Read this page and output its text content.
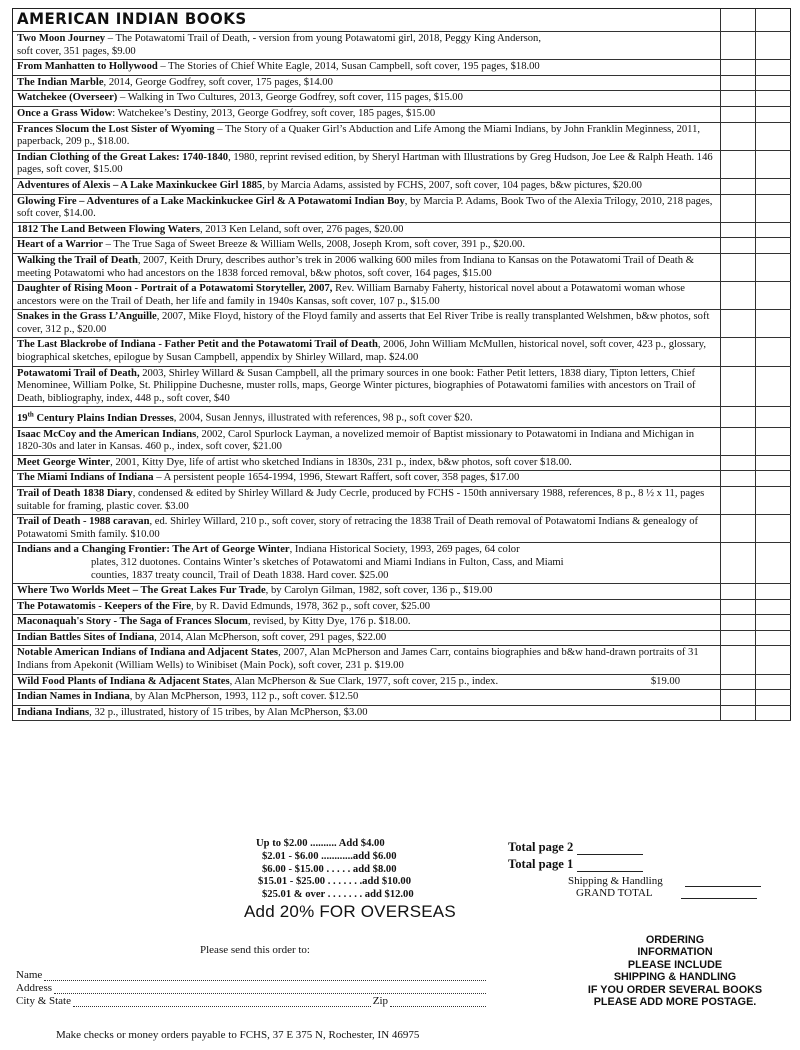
AMERICAN INDIAN BOOKS
Two Moon Journey – The Potawatomi Trail of Death, - version from young Potawatomi girl, 2018, Peggy King Anderson,
soft cover, 351 pages, $9.00
From Manhatten to Hollywood – The Stories of Chief White Eagle, 2014, Susan Campbell, soft cover, 195 pages, $18.00
The Indian Marble, 2014, George Godfrey, soft cover, 175 pages, $14.00
Watchekee (Overseer) – Walking in Two Cultures, 2013, George Godfrey, soft cover, 115 pages, $15.00
Once a Grass Widow: Watchekee’s Destiny, 2013, George Godfrey, soft cover, 185 pages, $15.00
Frances Slocum the Lost Sister of Wyoming – The Story of a Quaker Girl’s Abduction and Life Among the Miami Indians, by John Franklin Meginness, 2011, paperback, 209 p., $18.00.
Indian Clothing of the Great Lakes: 1740-1840, 1980, reprint revised edition, by Sheryl Hartman with Illustrations by Greg Hudson, Joe Lee & Ralph Heath. 146 pages, soft cover, $15.00
Adventures of Alexis – A Lake Maxinkuckee Girl 1885, by Marcia Adams, assisted by FCHS, 2007, soft cover, 104 pages, b&w pictures, $20.00
Glowing Fire – Adventures of a Lake Mackinkuckee Girl & A Potawatomi Indian Boy, by Marcia P. Adams, Book Two of the Alexia Trilogy, 2010, 218 pages, soft cover, $14.00.
1812 The Land Between Flowing Waters, 2013 Ken Leland, soft over, 276 pages, $20.00
Heart of a Warrior – The True Saga of Sweet Breeze & William Wells, 2008, Joseph Krom, soft cover, 391 p., $20.00.
Walking the Trail of Death, 2007, Keith Drury, describes author’s trek in 2006 walking 600 miles from Indiana to Kansas on the Potawatomi Trail of Death & meeting Potawatomi who had ancestors on the 1838 forced removal, b&w photos, soft cover, 164 pages, $15.00
Daughter of Rising Moon - Portrait of a Potawatomi Storyteller, 2007, Rev. William Barnaby Faherty, historical novel about a Potawatomi woman whose ancestors were on the Trail of Death, her life and family in 1940s Kansas, soft cover, 107 p., $15.00
Snakes in the Grass L’Anguille, 2007, Mike Floyd, history of the Floyd family and asserts that Eel River Tribe is really transplanted Welshmen, b&w photos, soft cover, 312 p., $20.00
The Last Blackrobe of Indiana - Father Petit and the Potawatomi Trail of Death, 2006, John William McMullen, historical novel, soft cover, 423 p., glossary, biographical sketches, epilogue by Susan Campbell, appendix by Shirley Willard, map. $24.00
Potawatomi Trail of Death, 2003, Shirley Willard & Susan Campbell, all the primary sources in one book: Father Petit letters, 1838 diary, Tipton letters, Chief Menominee, William Polke, St. Philippine Duchesne, muster rolls, maps, George Winter pictures, biographies of Potawatomi families with ancestors on Trail of Death, bibliography, index, 448 p., soft cover, $40
19th Century Plains Indian Dresses, 2004, Susan Jennys, illustrated with references, 98 p., soft cover $20.
Isaac McCoy and the American Indians, 2002, Carol Spurlock Layman, a novelized memoir of Baptist missionary to Potawatomi in Indiana and Michigan in 1820-30s and later in Kansas. 460 p., index, soft cover, $21.00
Meet George Winter, 2001, Kitty Dye, life of artist who sketched Indians in 1830s, 231 p., index, b&w photos, soft cover $18.00.
The Miami Indians of Indiana – A persistent people 1654-1994, 1996, Stewart Raffert, soft cover, 358 pages, $17.00
Trail of Death 1838 Diary, condensed & edited by Shirley Willard & Judy Cecrle, produced by FCHS - 150th anniversary 1988, references, 8 p., 8 ½ x 11, pages suitable for framing, plastic cover. $3.00
Trail of Death - 1988 caravan, ed. Shirley Willard, 210 p., soft cover, story of retracing the 1838 Trail of Death removal of Potawatomi Indians & genealogy of Potawatomi Smith family. $10.00
Indians and a Changing Frontier: The Art of George Winter, Indiana Historical Society, 1993, 269 pages, 64 color
plates, 312 duotones. Contains Winter’s sketches of Potawatomi and Miami Indians in Fulton, Cass, and Miami
counties, 1837 treaty council, Trail of Death 1838. Hard cover. $25.00
Where Two Worlds Meet – The Great Lakes Fur Trade, by Carolyn Gilman, 1982, soft cover, 136 p., $19.00
The Potawatomis - Keepers of the Fire, by R. David Edmunds, 1978, 362 p., soft cover, $25.00
Maconaquah's Story - The Saga of Frances Slocum, revised, by Kitty Dye, 176 p. $18.00.
Indian Battles Sites of Indiana, 2014, Alan McPherson, soft cover, 291 pages, $22.00
Notable American Indians of Indiana and Adjacent States, 2007, Alan McPherson and James Carr, contains biographies and b&w hand-drawn portraits of 31 Indians from Apekonit (William Wells) to Winibiset (Main Pock), soft cover, 231 p. $19.00
Wild Food Plants of Indiana & Adjacent States, Alan McPherson & Sue Clark, 1977, soft cover, 215 p., index.	$19.00
Indian Names in Indiana, by Alan McPherson, 1993, 112 p., soft cover. $12.50
Indiana Indians, 32 p., illustrated, history of 15 tribes, by Alan McPherson, $3.00
Up to $2.00 .......... Add $4.00
$2.01 - $6.00 ............add $6.00
$6.00 - $15.00 . . . . . add $8.00
$15.01 - $25.00 . . . . . . .add $10.00
$25.01 & over . . . . . . . add $12.00
Add 20% FOR OVERSEAS
Total page 2
Total page 1
Shipping & Handling
GRAND TOTAL
Please send this order to:
Name
Address
City & State	Zip
Make checks or money orders payable to FCHS, 37 E 375 N, Rochester, IN 46975
ORDERING
INFORMATION
PLEASE INCLUDE
SHIPPING & HANDLING
IF YOU ORDER SEVERAL BOOKS
PLEASE ADD MORE POSTAGE.
